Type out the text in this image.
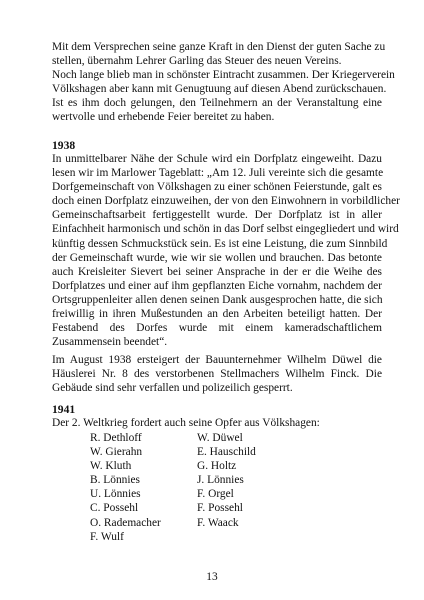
Mit dem Versprechen seine ganze Kraft in den Dienst der guten Sache zu
stellen, übernahm Lehrer Garling das Steuer des neuen Vereins.
Noch lange blieb man in schönster Eintracht zusammen. Der Kriegerverein
Völkshagen aber kann mit Genugtuung auf diesen Abend zurückschauen.
Ist es ihm doch gelungen, den Teilnehmern an der Veranstaltung eine
wertvolle und erhebende Feier bereitet zu haben.
1938
In unmittelbarer Nähe der Schule wird ein Dorfplatz eingeweiht. Dazu
lesen wir im Marlower Tageblatt: „Am 12. Juli vereinte sich die gesamte
Dorfgemeinschaft von Völkshagen zu einer schönen Feierstunde, galt es
doch einen Dorfplatz einzuweihen, der von den Einwohnern in vorbildlicher
Gemeinschaftsarbeit fertiggestellt wurde. Der Dorfplatz ist in aller
Einfachheit harmonisch und schön in das Dorf selbst eingegliedert und wird
künftig dessen Schmuckstück sein. Es ist eine Leistung, die zum Sinnbild
der Gemeinschaft wurde, wie wir sie wollen und brauchen. Das betonte
auch Kreisleiter Sievert bei seiner Ansprache in der er die Weihe des
Dorfplatzes und einer auf ihm gepflanzten Eiche vornahm, nachdem der
Ortsgruppenleiter allen denen seinen Dank ausgesprochen hatte, die sich
freiwillig in ihren Mußestunden an den Arbeiten beteiligt hatten. Der
Festabend des Dorfes wurde mit einem kameradschaftlichem
Zusammensein beendet“.
Im August 1938 ersteigert der Bauunternehmer Wilhelm Düwel die
Häuslerei Nr. 8 des verstorbenen Stellmachers Wilhelm Finck. Die
Gebäude sind sehr verfallen und polizeilich gesperrt.
1941
Der 2. Weltkrieg fordert auch seine Opfer aus Völkshagen:
R. Dethloff	W. Düwel
W. Gierahn	E. Hauschild
W. Kluth	G. Holtz
B. Lönnies	J. Lönnies
U. Lönnies	F. Orgel
C. Possehl	F. Possehl
O. Rademacher	F. Waack
F. Wulf
13
